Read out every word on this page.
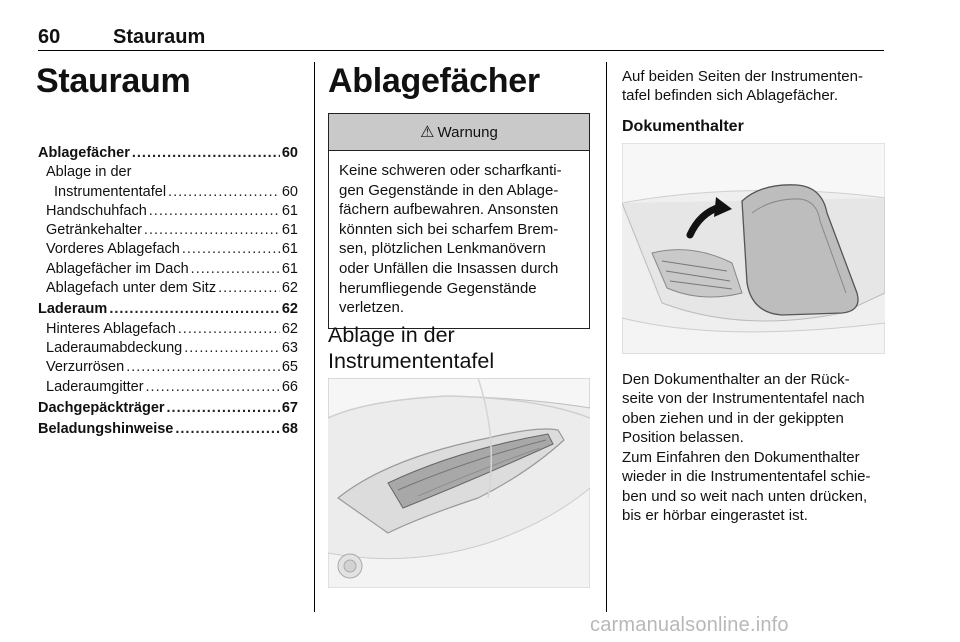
60	Stauraum
Stauraum
Ablagefächer .....	60
Ablage in der
Instrumententafel .....	60
Handschuhfach .....	61
Getränkehalter .....	61
Vorderes Ablagefach .....	61
Ablagefächer im Dach .....	61
Ablagefach unter dem Sitz .....	62
Laderaum .....	62
Hinteres Ablagefach .....	62
Laderaumabdeckung .....	63
Verzurrösen .....	65
Laderaumgitter .....	66
Dachgepäckträger .....	67
Beladungshinweise .....	68
Ablagefächer
⚠ Warnung
Keine schweren oder scharfkanti-
gen Gegenstände in den Ablage-
fächern aufbewahren. Ansonsten
könnten sich bei scharfem Brem-
sen, plötzlichen Lenkmanövern
oder Unfällen die Insassen durch
herumfliegende Gegenstände
verletzen.
Ablage in der
Instrumententafel
Auf beiden Seiten der Instrumenten-
tafel befinden sich Ablagefächer.
Dokumenthalter
Den Dokumenthalter an der Rück-
seite von der Instrumententafel nach
oben ziehen und in der gekippten
Position belassen.
Zum Einfahren den Dokumenthalter
wieder in die Instrumententafel schie-
ben und so weit nach unten drücken,
bis er hörbar eingerastet ist.
carmanualsonline.info
